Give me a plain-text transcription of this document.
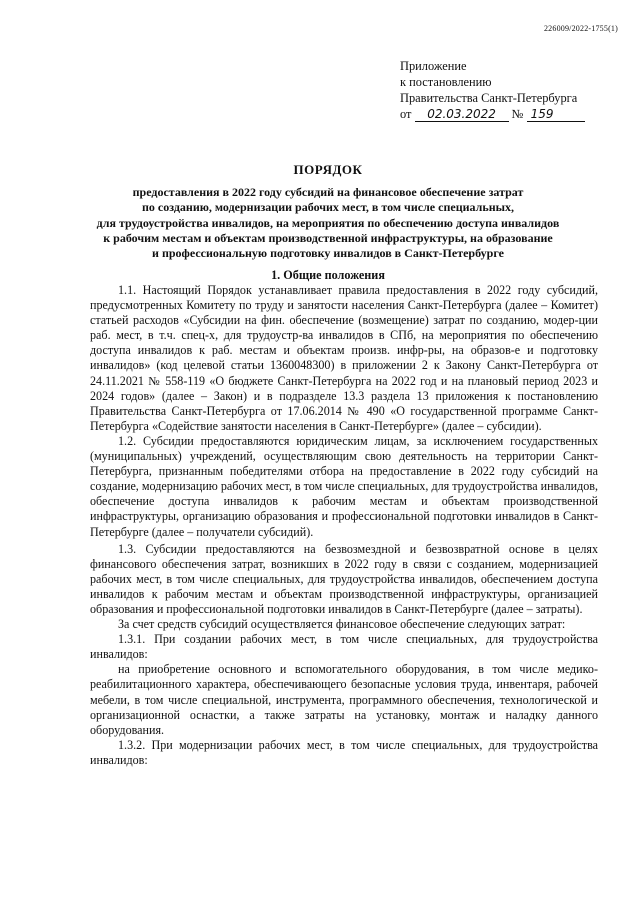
226009/2022-1755(1)
Приложение
к постановлению
Правительства Санкт-Петербурга
от 02.03.2022 № 159
ПОРЯДОК
предоставления в 2022 году субсидий на финансовое обеспечение затрат
по созданию, модернизации рабочих мест, в том числе специальных,
для трудоустройства инвалидов, на мероприятия по обеспечению доступа инвалидов
к рабочим местам и объектам производственной инфраструктуры, на образование
и профессиональную подготовку инвалидов в Санкт-Петербурге
1. Общие положения

1.1. Настоящий Порядок устанавливает правила предоставления в 2022 году субсидий, предусмотренных Комитету по труду и занятости населения Санкт-Петербурга (далее – Комитет) статьей расходов «Субсидии на фин. обеспечение (возмещение) затрат по созданию, модер-ции раб. мест, в т.ч. спец-х, для трудоустр-ва инвалидов в СПб, на мероприятия по обеспечению доступа инвалидов к раб. местам и объектам произв. инфр-ры, на образов-е и подготовку инвалидов» (код целевой статьи 1360048300) в приложении 2 к Закону Санкт-Петербурга от 24.11.2021 № 558-119 «О бюджете Санкт-Петербурга на 2022 год и на плановый период 2023 и 2024 годов» (далее – Закон) и в подразделе 13.3 раздела 13 приложения к постановлению Правительства Санкт-Петербурга от 17.06.2014 № 490 «О государственной программе Санкт-Петербурга «Содействие занятости населения в Санкт-Петербурге» (далее – субсидии).

1.2. Субсидии предоставляются юридическим лицам, за исключением государственных (муниципальных) учреждений, осуществляющим свою деятельность на территории Санкт-Петербурга, признанным победителями отбора на предоставление в 2022 году субсидий на создание, модернизацию рабочих мест, в том числе специальных, для трудоустройства инвалидов, обеспечение доступа инвалидов к рабочим местам и объектам производственной инфраструктуры, организацию образования и профессиональной подготовки инвалидов в Санкт-Петербурге (далее – получатели субсидий).

1.3. Субсидии предоставляются на безвозмездной и безвозвратной основе в целях финансового обеспечения затрат, возникших в 2022 году в связи с созданием, модернизацией рабочих мест, в том числе специальных, для трудоустройства инвалидов, обеспечением доступа инвалидов к рабочим местам и объектам производственной инфраструктуры, организацией образования и профессиональной подготовки инвалидов в Санкт-Петербурге (далее – затраты).

За счет средств субсидий осуществляется финансовое обеспечение следующих затрат:

1.3.1. При создании рабочих мест, в том числе специальных, для трудоустройства инвалидов:

на приобретение основного и вспомогательного оборудования, в том числе медико-реабилитационного характера, обеспечивающего безопасные условия труда, инвентаря, рабочей мебели, в том числе специальной, инструмента, программного обеспечения, технологической и организационной оснастки, а также затраты на установку, монтаж и наладку данного оборудования.

1.3.2. При модернизации рабочих мест, в том числе специальных, для трудоустройства инвалидов:
